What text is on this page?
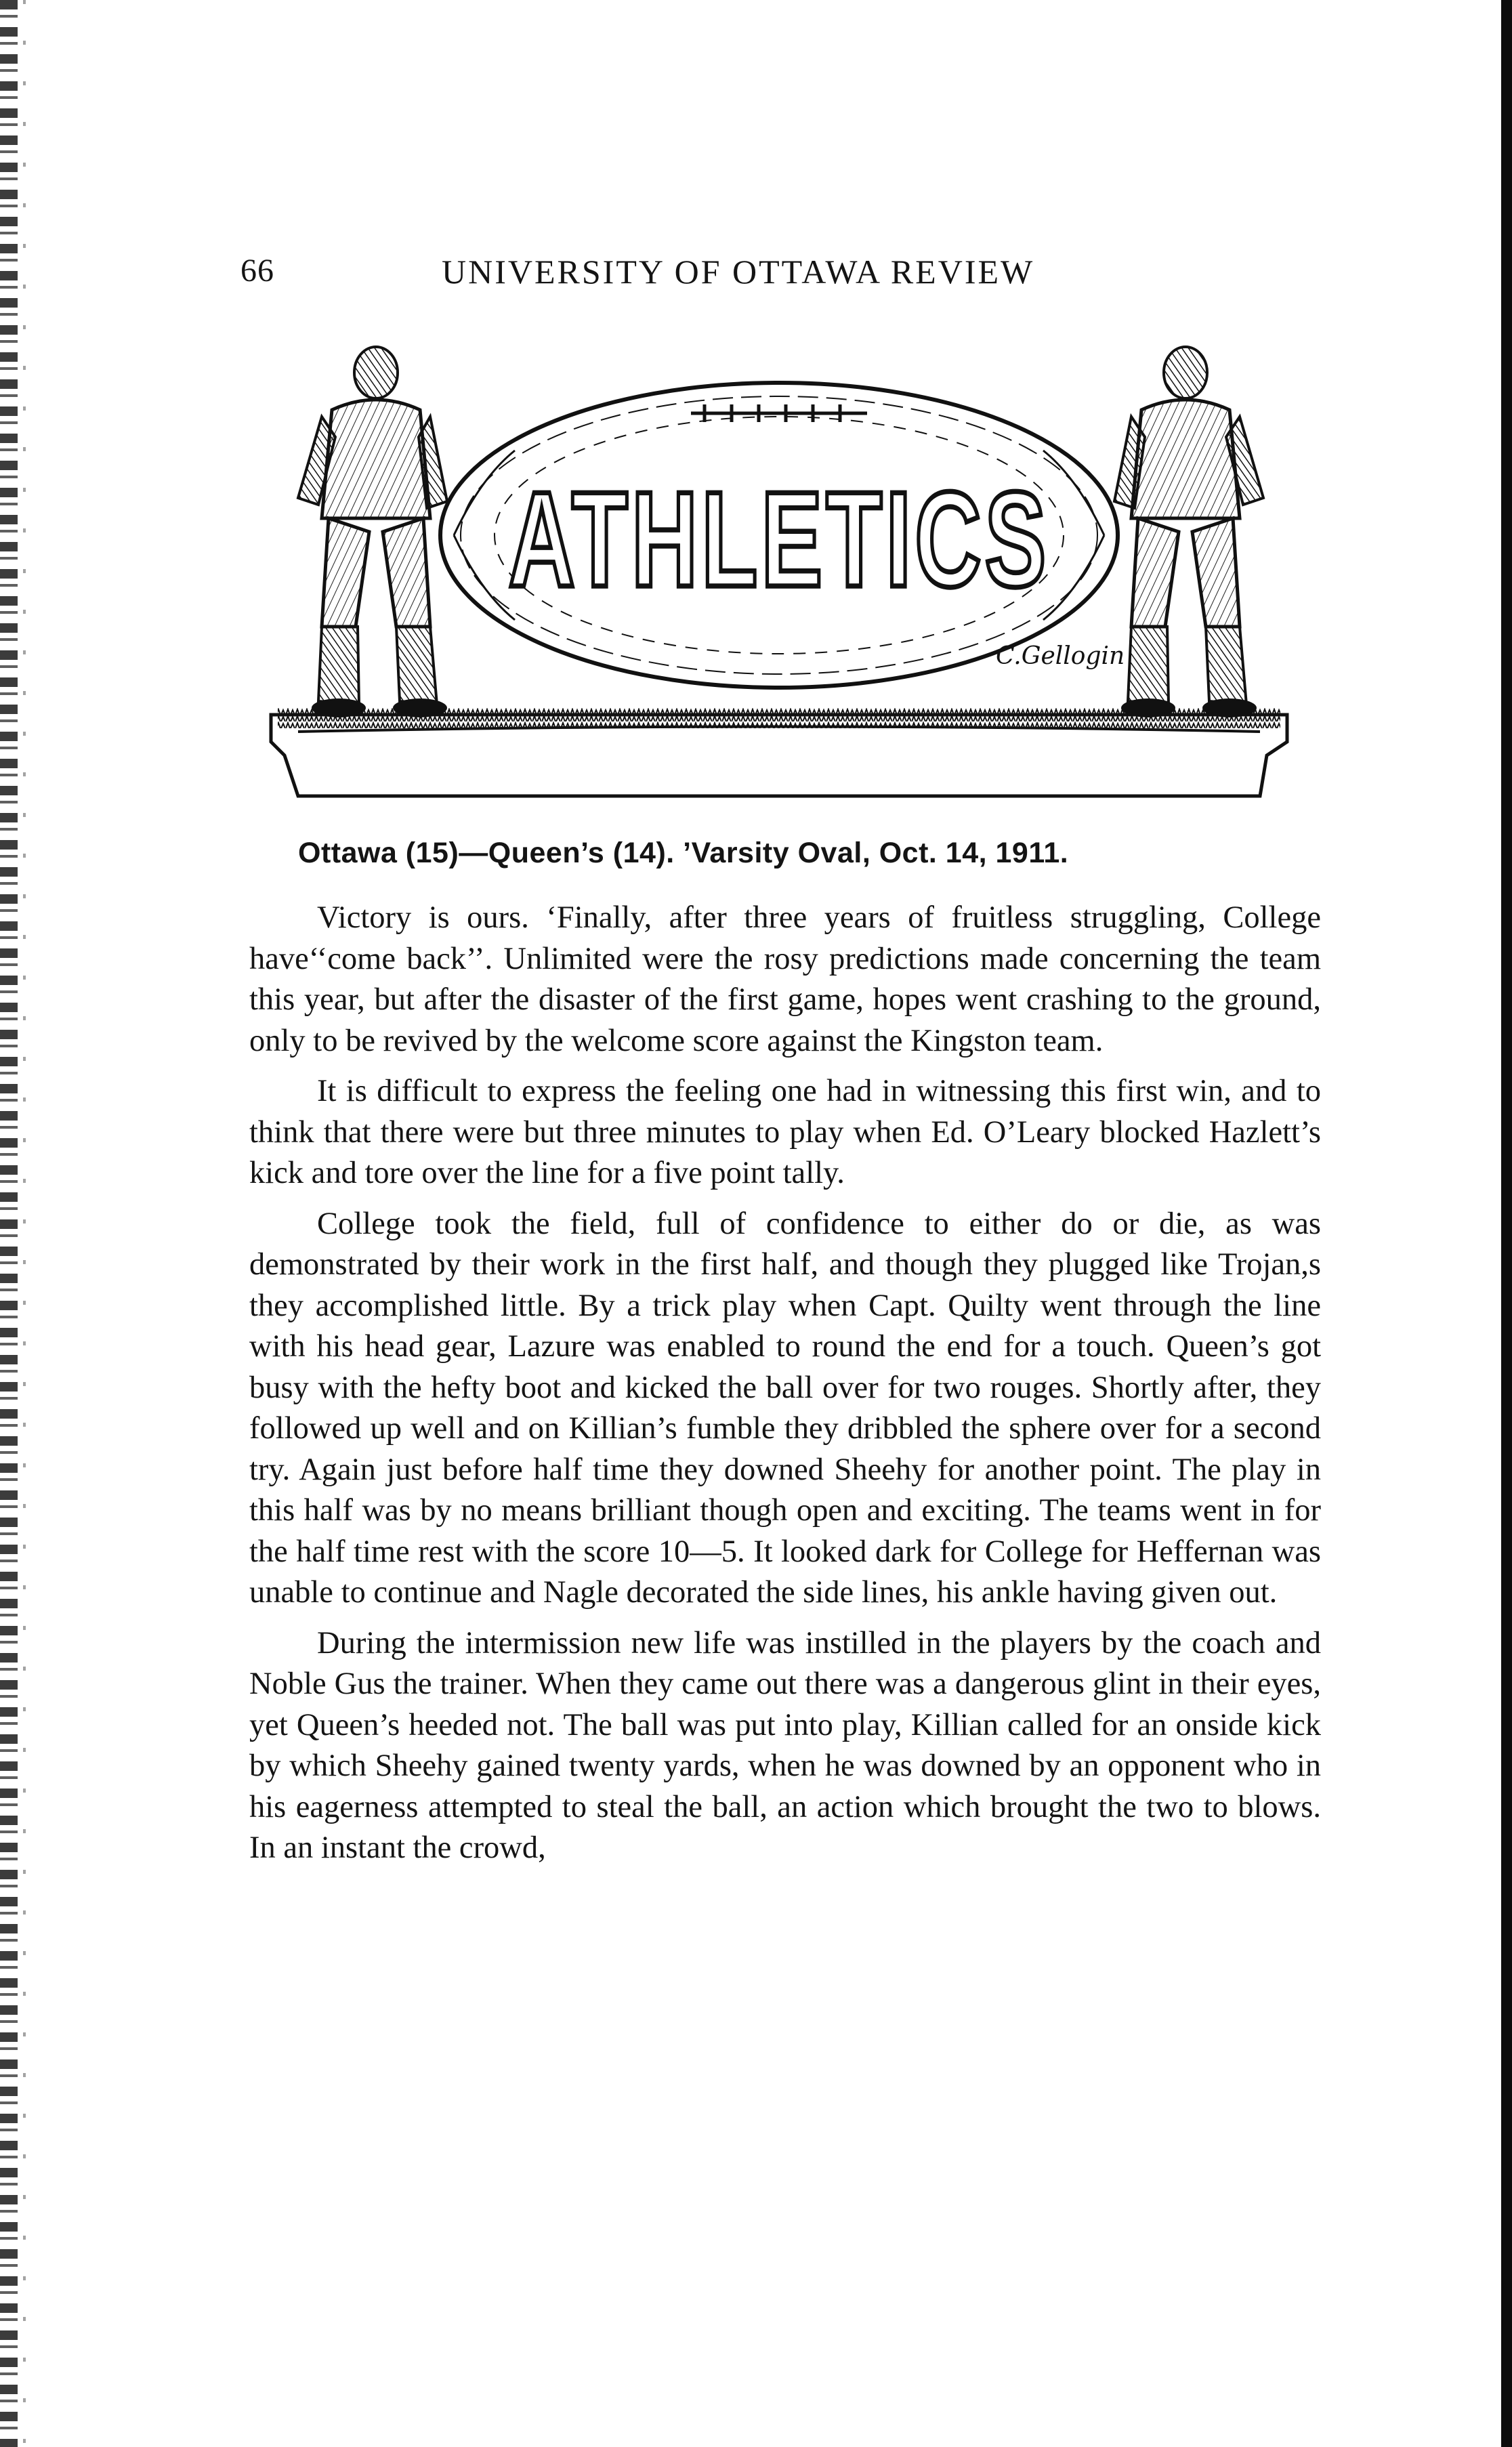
66	UNIVERSITY OF OTTAWA REVIEW
ATHLETICS
C.Gellogin
Ottawa (15)—Queen’s (14). ’Varsity Oval, Oct. 14, 1911.

Victory is ours. ‘Finally, after three years of fruitless struggling, College have‘‘come back’’. Unlimited were the rosy predictions made concerning the team this year, but after the disaster of the first game, hopes went crashing to the ground, only to be revived by the welcome score against the Kingston team.

It is difficult to express the feeling one had in witnessing this first win, and to think that there were but three minutes to play when Ed. O’Leary blocked Hazlett’s kick and tore over the line for a five point tally.

College took the field, full of confidence to either do or die, as was demonstrated by their work in the first half, and though they plugged like Trojan,s they accomplished little. By a trick play when Capt. Quilty went through the line with his head gear, Lazure was enabled to round the end for a touch. Queen’s got busy with the hefty boot and kicked the ball over for two rouges. Shortly after, they followed up well and on Killian’s fumble they dribbled the sphere over for a second try. Again just before half time they downed Sheehy for another point. The play in this half was by no means brilliant though open and exciting. The teams went in for the half time rest with the score 10—5. It looked dark for College for Heffernan was unable to continue and Nagle decorated the side lines, his ankle having given out.

During the intermission new life was instilled in the players by the coach and Noble Gus the trainer. When they came out there was a dangerous glint in their eyes, yet Queen’s heeded not. The ball was put into play, Killian called for an onside kick by which Sheehy gained twenty yards, when he was downed by an opponent who in his eagerness attempted to steal the ball, an action which brought the two to blows. In an instant the crowd,
